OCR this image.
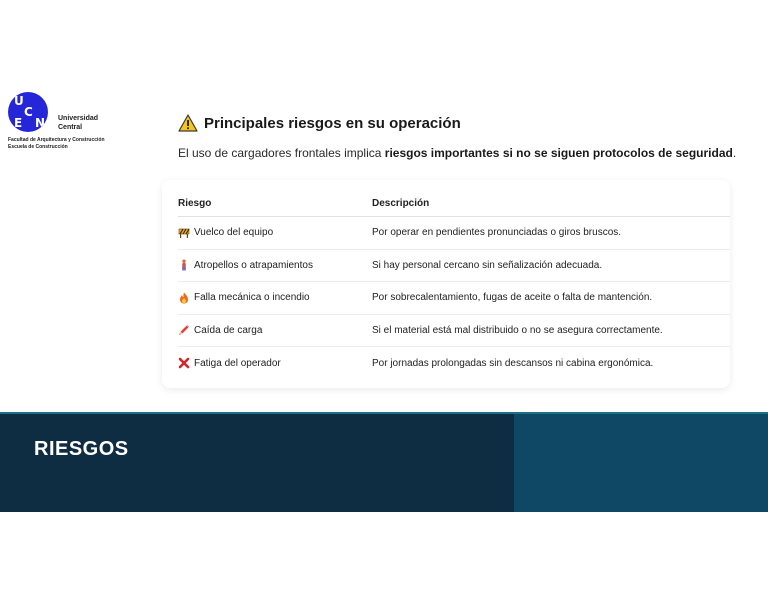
U
C
E N Universidad
Central
Facultad de Arquitectura y Construcción
Escuela de Construcción
Principales riesgos en su operación
El uso de cargadores frontales implica riesgos importantes si no se siguen protocolos de seguridad.
Riesgo	Descripción
Vuelco del equipo	Por operar en pendientes pronunciadas o giros bruscos.
Atropellos o atrapamientos	Si hay personal cercano sin señalización adecuada.
Falla mecánica o incendio	Por sobrecalentamiento, fugas de aceite o falta de mantención.
Caída de carga	Si el material está mal distribuido o no se asegura correctamente.
Fatiga del operador	Por jornadas prolongadas sin descansos ni cabina ergonómica.
RIESGOS
